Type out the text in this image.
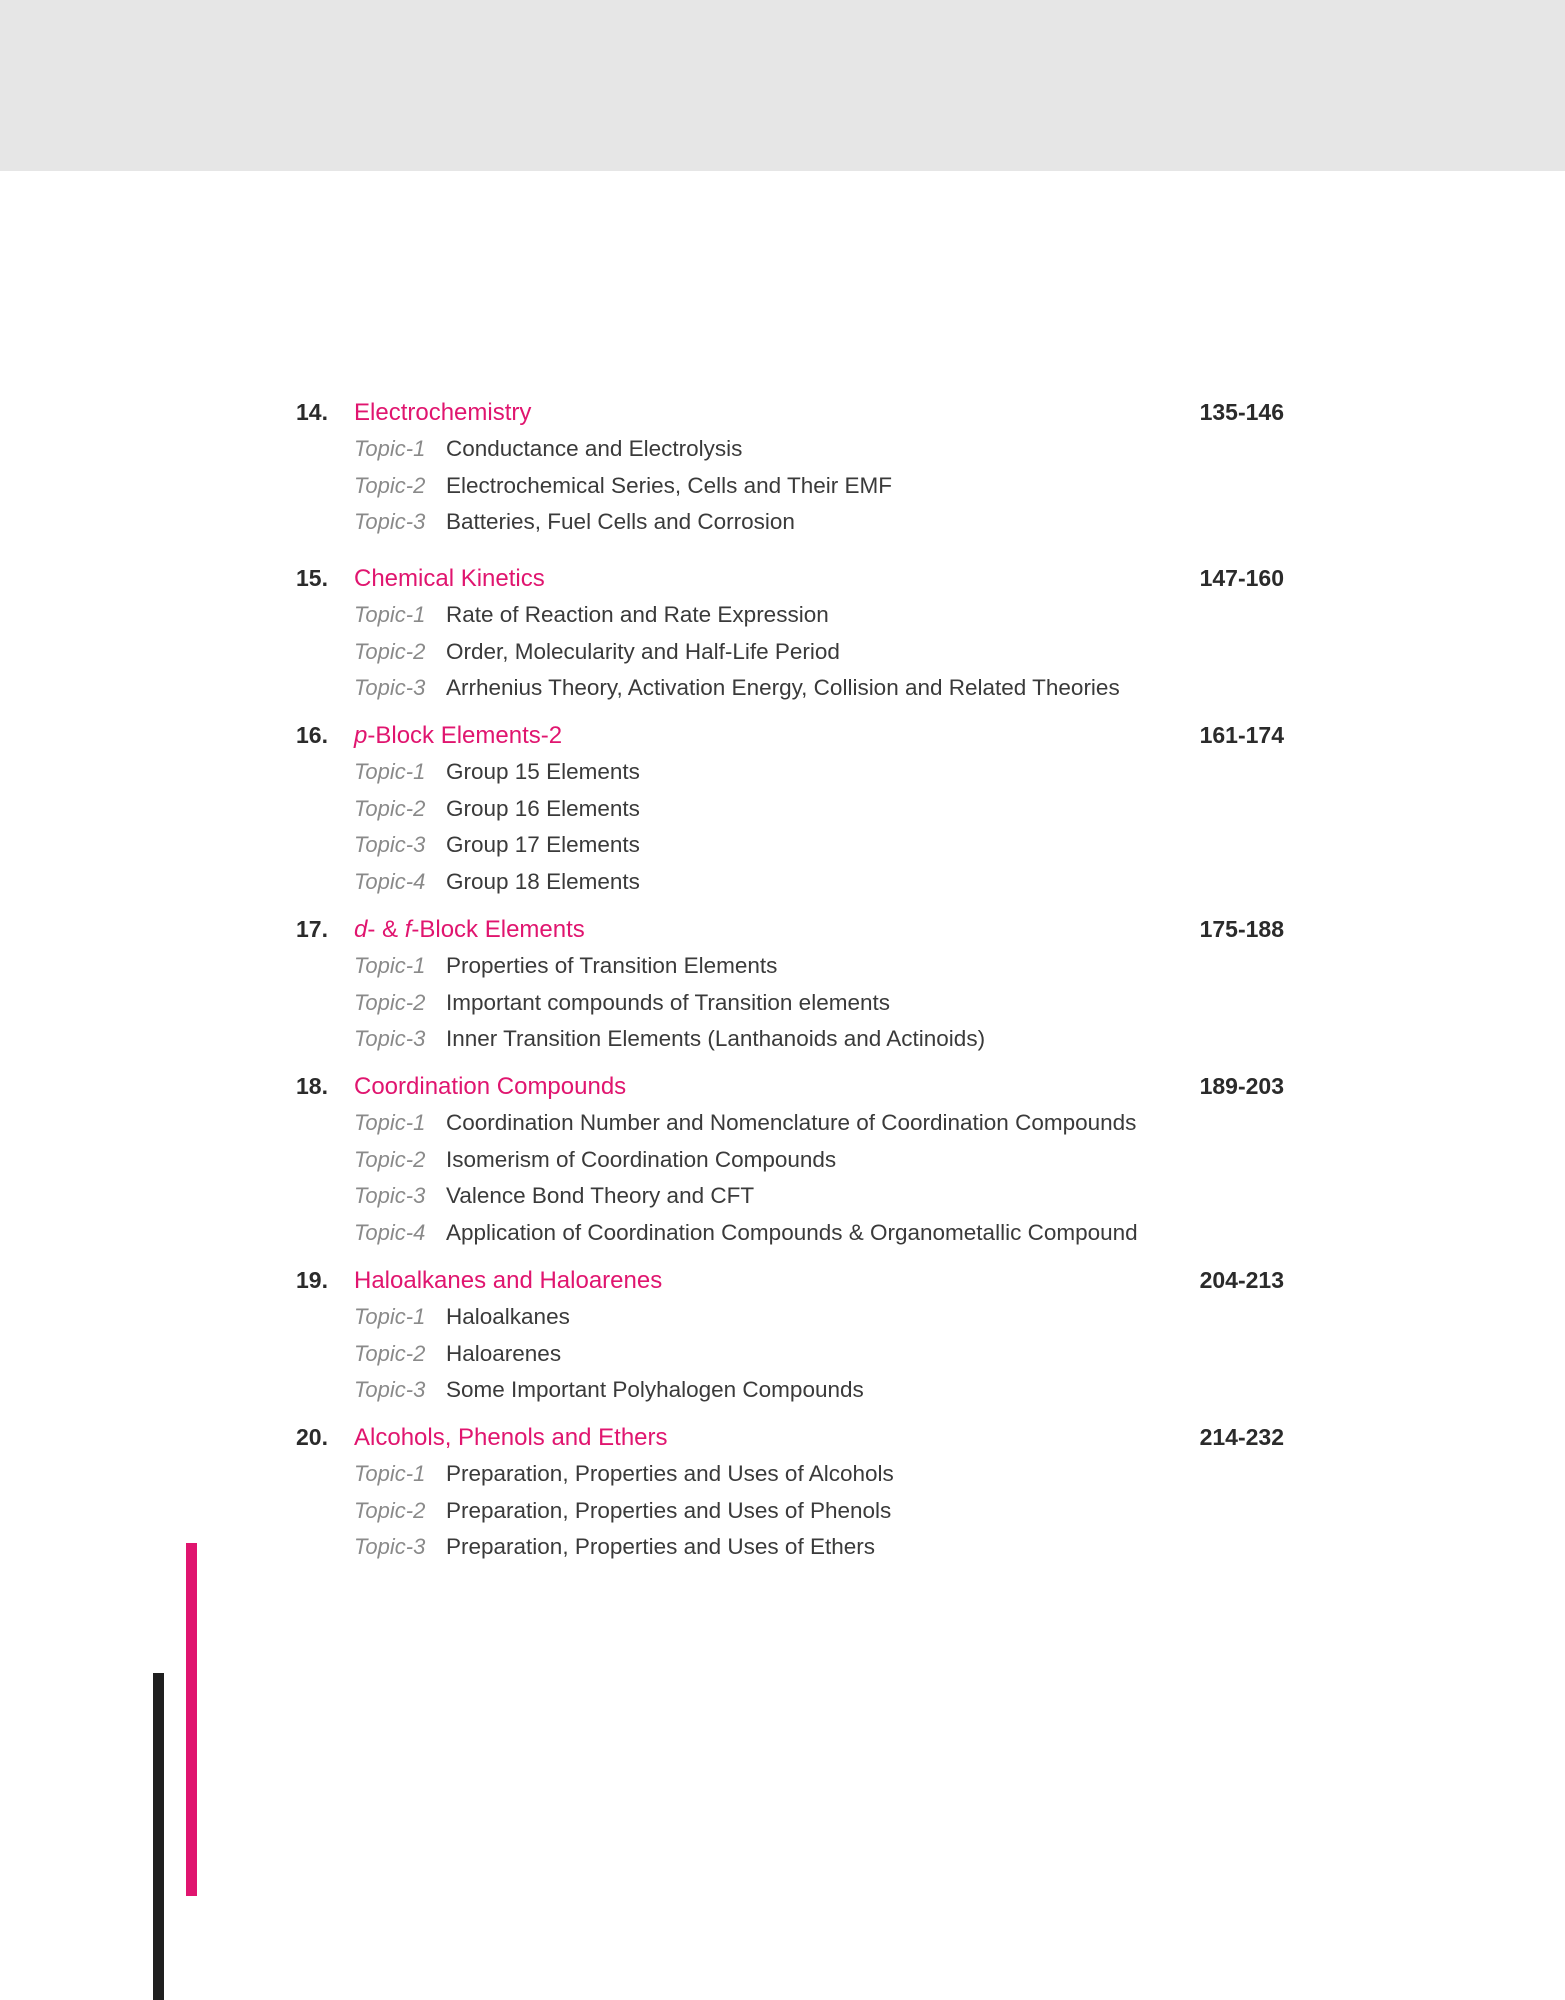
14. Electrochemistry	135-146
Topic-1 Conductance and Electrolysis
Topic-2 Electrochemical Series, Cells and Their EMF
Topic-3 Batteries, Fuel Cells and Corrosion
15. Chemical Kinetics	147-160
Topic-1 Rate of Reaction and Rate Expression
Topic-2 Order, Molecularity and Half-Life Period
Topic-3 Arrhenius Theory, Activation Energy, Collision and Related Theories
16. p-Block Elements-2	161-174
Topic-1 Group 15 Elements
Topic-2 Group 16 Elements
Topic-3 Group 17 Elements
Topic-4 Group 18 Elements
17. d- & f-Block Elements	175-188
Topic-1 Properties of Transition Elements
Topic-2 Important compounds of Transition elements
Topic-3 Inner Transition Elements (Lanthanoids and Actinoids)
18. Coordination Compounds	189-203
Topic-1 Coordination Number and Nomenclature of Coordination Compounds
Topic-2 Isomerism of Coordination Compounds
Topic-3 Valence Bond Theory and CFT
Topic-4 Application of Coordination Compounds & Organometallic Compound
19. Haloalkanes and Haloarenes	204-213
Topic-1 Haloalkanes
Topic-2 Haloarenes
Topic-3 Some Important Polyhalogen Compounds
20. Alcohols, Phenols and Ethers	214-232
Topic-1 Preparation, Properties and Uses of Alcohols
Topic-2 Preparation, Properties and Uses of Phenols
Topic-3 Preparation, Properties and Uses of Ethers
